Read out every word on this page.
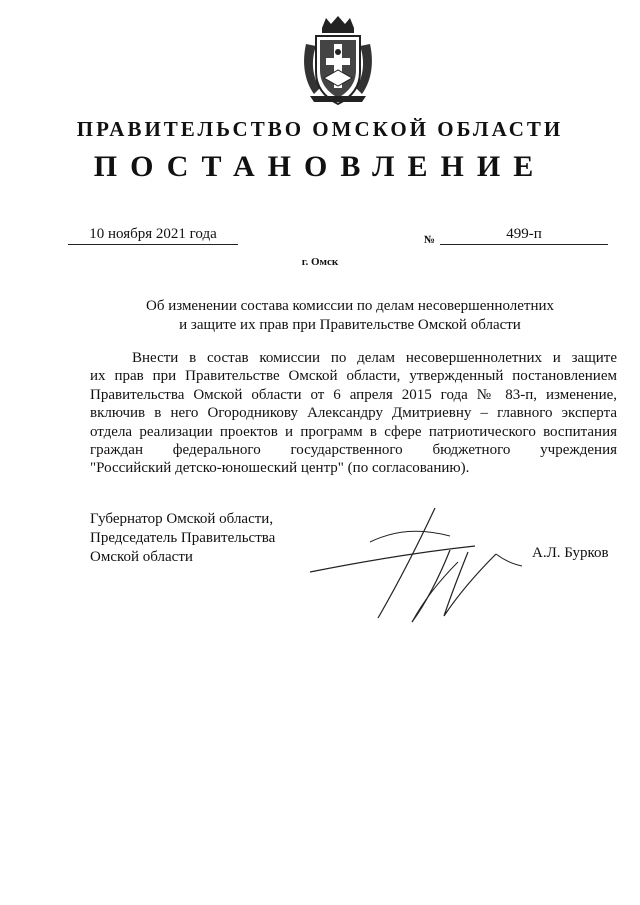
ПРАВИТЕЛЬСТВО ОМСКОЙ ОБЛАСТИ
ПОСТАНОВЛЕНИЕ
10 ноября 2021 года	№	499-п
г. Омск
Об изменении состава комиссии по делам несовершеннолетних
и защите их прав при Правительстве Омской области
Внести в состав комиссии по делам несовершеннолетних и защите
их прав при Правительстве Омской области, утвержденный постановлением
Правительства Омской области от 6 апреля 2015 года № 83-п, изменение,
включив в него Огородникову Александру Дмитриевну – главного эксперта
отдела реализации проектов и программ в сфере патриотического воспитания
граждан федерального государственного бюджетного учреждения
"Российский детско-юношеский центр" (по согласованию).
Губернатор Омской области,
Председатель Правительства
Омской области	А.Л. Бурков
